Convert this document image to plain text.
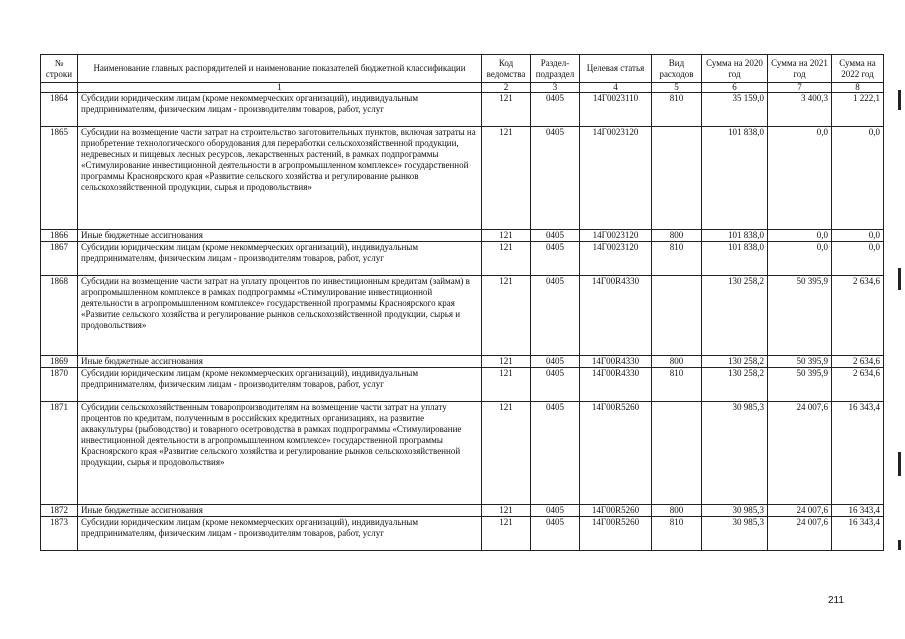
№ строки	Наименование главных распорядителей и наименование показателей бюджетной классификации	Код ведомства	Раздел-подраздел	Целевая статья	Вид расходов	Сумма на 2020 год	Сумма на 2021 год	Сумма на 2022 год
	1	2	3	4	5	6	7	8
1864	Субсидии юридическим лицам (кроме некоммерческих организаций), индивидуальным предпринимателям, физическим лицам - производителям товаров, работ, услуг	121	0405	14Г0023110	810	35 159,0	3 400,3	1 222,1
1865	Субсидии на возмещение части затрат на строительство заготовительных пунктов, включая затраты на приобретение технологического оборудования для переработки сельскохозяйственной продукции, недревесных и пищевых лесных ресурсов, лекарственных растений, в рамках подпрограммы «Стимулирование инвестиционной деятельности в агропромышленном комплексе» государственной программы Красноярского края «Развитие сельского хозяйства и регулирование рынков сельскохозяйственной продукции, сырья и продовольствия»	121	0405	14Г0023120		101 838,0	0,0	0,0
1866	Иные бюджетные ассигнования	121	0405	14Г0023120	800	101 838,0	0,0	0,0
1867	Субсидии юридическим лицам (кроме некоммерческих организаций), индивидуальным предпринимателям, физическим лицам - производителям товаров, работ, услуг	121	0405	14Г0023120	810	101 838,0	0,0	0,0
1868	Субсидии на возмещение части затрат на уплату процентов по инвестиционным кредитам (займам) в агропромышленном комплексе в рамках подпрограммы «Стимулирование инвестиционной деятельности в агропромышленном комплексе» государственной программы Красноярского края «Развитие сельского хозяйства и регулирование рынков сельскохозяйственной продукции, сырья и продовольствия»	121	0405	14Г00R4330		130 258,2	50 395,9	2 634,6
1869	Иные бюджетные ассигнования	121	0405	14Г00R4330	800	130 258,2	50 395,9	2 634,6
1870	Субсидии юридическим лицам (кроме некоммерческих организаций), индивидуальным предпринимателям, физическим лицам - производителям товаров, работ, услуг	121	0405	14Г00R4330	810	130 258,2	50 395,9	2 634,6
1871	Субсидии сельскохозяйственным товаропроизводителям на возмещение части затрат на уплату процентов по кредитам, полученным в российских кредитных организациях, на развитие аквакультуры (рыбоводство) и товарного осетроводства в рамках подпрограммы «Стимулирование инвестиционной деятельности в агропромышленном комплексе» государственной программы Красноярского края «Развитие сельского хозяйства и регулирование рынков сельскохозяйственной продукции, сырья и продовольствия»	121	0405	14Г00R5260		30 985,3	24 007,6	16 343,4
1872	Иные бюджетные ассигнования	121	0405	14Г00R5260	800	30 985,3	24 007,6	16 343,4
1873	Субсидии юридическим лицам (кроме некоммерческих организаций), индивидуальным предпринимателям, физическим лицам - производителям товаров, работ, услуг	121	0405	14Г00R5260	810	30 985,3	24 007,6	16 343,4
211
